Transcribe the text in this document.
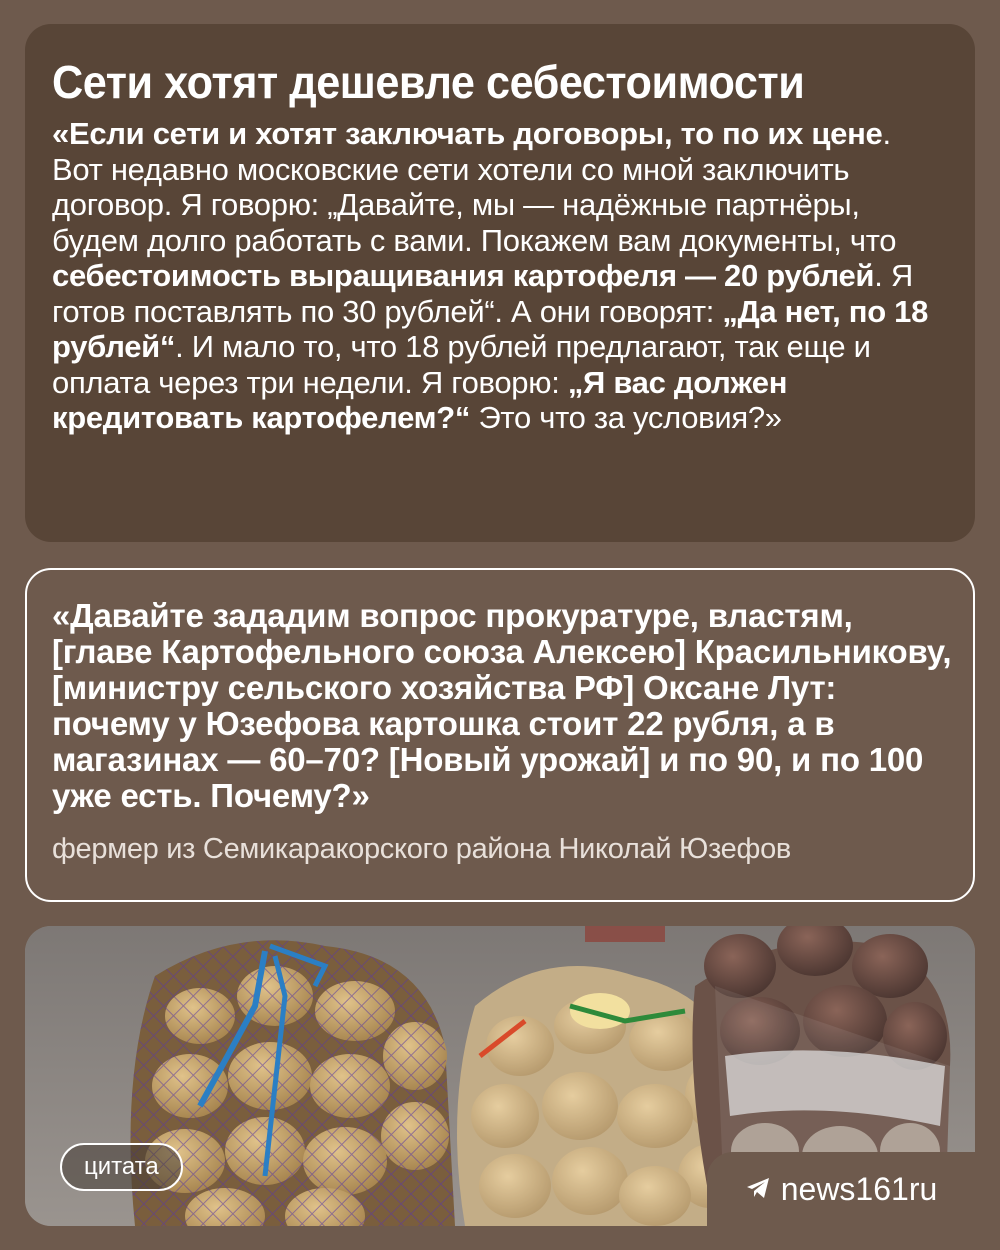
Сети хотят дешевле себестоимости

«Если сети и хотят заключать договоры, то по их цене. Вот недавно московские сети хотели со мной заключить договор. Я говорю: „Давайте, мы — надёжные партнёры, будем долго работать с вами. Покажем вам документы, что себестоимость выращивания картофеля — 20 рублей. Я готов поставлять по 30 рублей“. А они говорят: „Да нет, по 18 рублей“. И мало то, что 18 рублей предлагают, так еще и оплата через три недели. Я говорю: „Я вас должен кредитовать картофелем?“ Это что за условия?»

«Давайте зададим вопрос прокуратуре, властям, [главе Картофельного союза Алексею] Красильникову, [министру сельского хозяйства РФ] Оксане Лут: почему у Юзефова картошка стоит 22 рубля, а в магазинах — 60–70? [Новый урожай] и по 90, и по 100 уже есть. Почему?»

фермер из Семикаракорского района Николай Юзефов
цитата
news161ru
